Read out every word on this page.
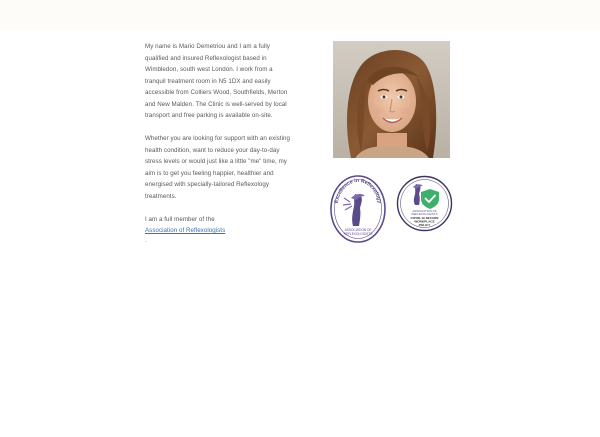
My name is Mario Demetriou and I am a fully qualified and insured Reflexologist based in Wimbledon, south west London. I work from a tranquil treatment room in N5 1DX and easily accessible from Colliers Wood, Southfields, Merton and New Malden. The Clinic is well-served by local transport and free parking is available on-site.

Whether you are looking for support with an existing health condition, want to reduce your day-to-day stress levels or would just like a little "me" time, my aim is to get you feeling happier, healthier and energised with specially-tailored Reflexology treatments.

I am a full member of the
Association of Reflexologists
.

Excellence in Reflexology
ASSOCIATION OF
REFLEXOLOGISTS
ASSOCIATION OF
REFLEXOLOGISTS
COVID-19 SECURE
WORKPLACE
POLICY
